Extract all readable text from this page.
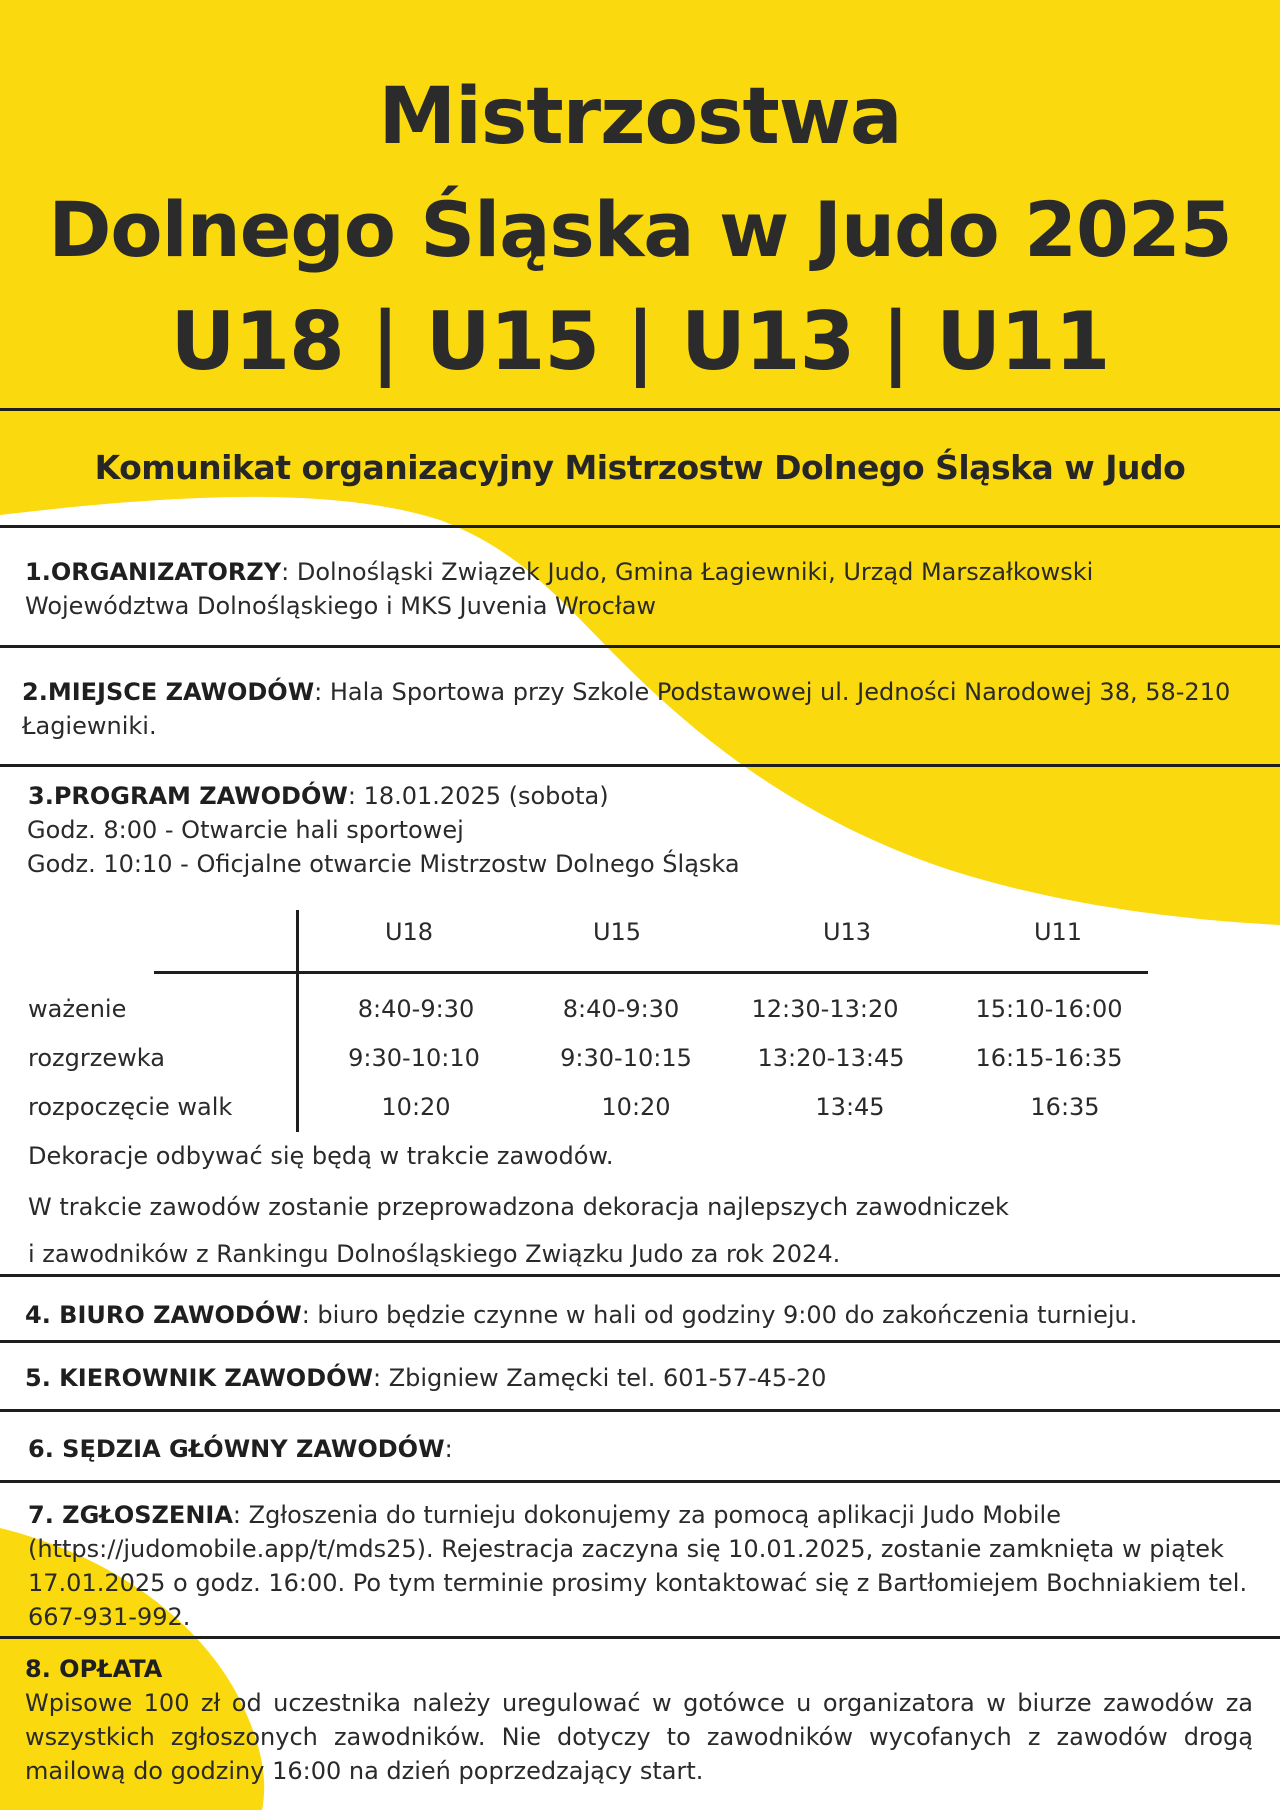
Mistrzostwa
Dolnego Śląska w Judo 2025
U18 | U15 | U13 | U11
Komunikat organizacyjny Mistrzostw Dolnego Śląska w Judo
1.ORGANIZATORZY: Dolnośląski Związek Judo, Gmina Łagiewniki, Urząd Marszałkowski Województwa Dolnośląskiego i MKS Juvenia Wrocław
2.MIEJSCE ZAWODÓW: Hala Sportowa przy Szkole Podstawowej ul. Jedności Narodowej 38, 58-210 Łagiewniki.
3.PROGRAM ZAWODÓW: 18.01.2025 (sobota)
Godz. 8:00 - Otwarcie hali sportowej
Godz. 10:10 - Oficjalne otwarcie Mistrzostw Dolnego Śląska
U18	U15	U13	U11
ważenie	8:40-9:30	8:40-9:30	12:30-13:20	15:10-16:00
rozgrzewka	9:30-10:10	9:30-10:15	13:20-13:45	16:15-16:35
rozpoczęcie walk	10:20	10:20	13:45	16:35
Dekoracje odbywać się będą w trakcie zawodów.
W trakcie zawodów zostanie przeprowadzona dekoracja najlepszych zawodniczek
i zawodników z Rankingu Dolnośląskiego Związku Judo za rok 2024.
4. BIURO ZAWODÓW: biuro będzie czynne w hali od godziny 9:00 do zakończenia turnieju.
5. KIEROWNIK ZAWODÓW: Zbigniew Zamęcki tel. 601-57-45-20
6. SĘDZIA GŁÓWNY ZAWODÓW:
7. ZGŁOSZENIA: Zgłoszenia do turnieju dokonujemy za pomocą aplikacji Judo Mobile (https://judomobile.app/t/mds25). Rejestracja zaczyna się 10.01.2025, zostanie zamknięta w piątek 17.01.2025 o godz. 16:00. Po tym terminie prosimy kontaktować się z Bartłomiejem Bochniakiem tel. 667-931-992.
8. OPŁATA
Wpisowe 100 zł od uczestnika należy uregulować w gotówce u organizatora w biurze zawodów za wszystkich zgłoszonych zawodników. Nie dotyczy to zawodników wycofanych z zawodów drogą mailową do godziny 16:00 na dzień poprzedzający start.
